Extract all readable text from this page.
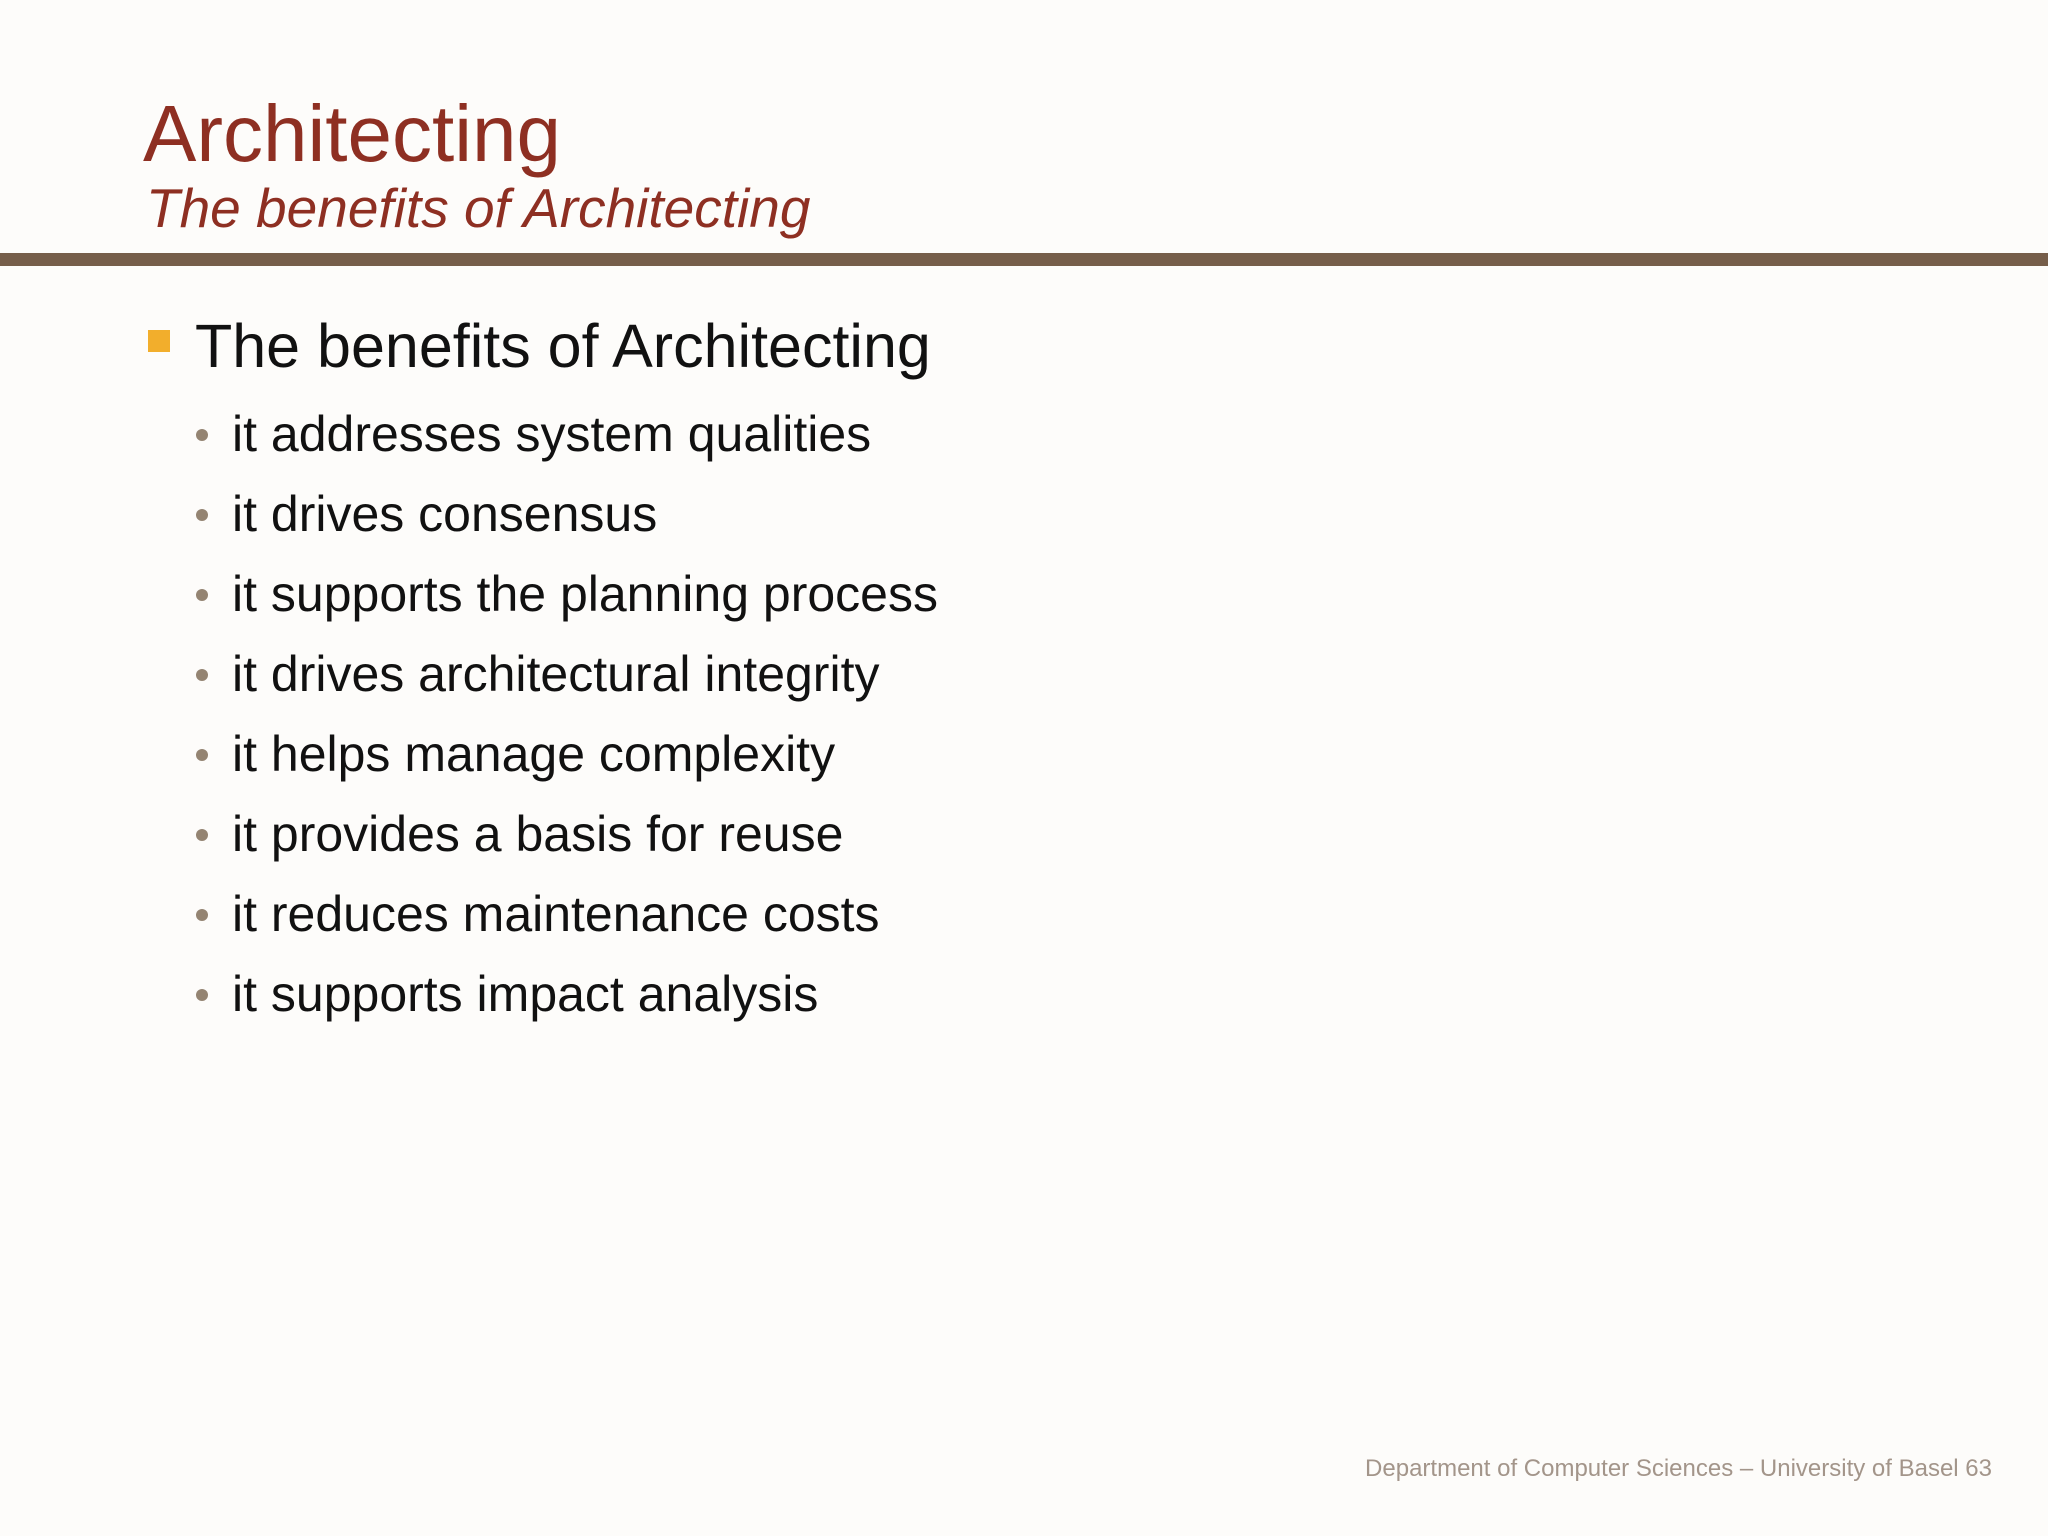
Architecting
The benefits of Architecting
The benefits of Architecting
it addresses system qualities
it drives consensus
it supports the planning process
it drives architectural integrity
it helps manage complexity
it provides a basis for reuse
it reduces maintenance costs
it supports impact analysis
Department of Computer Sciences – University of Basel 63
